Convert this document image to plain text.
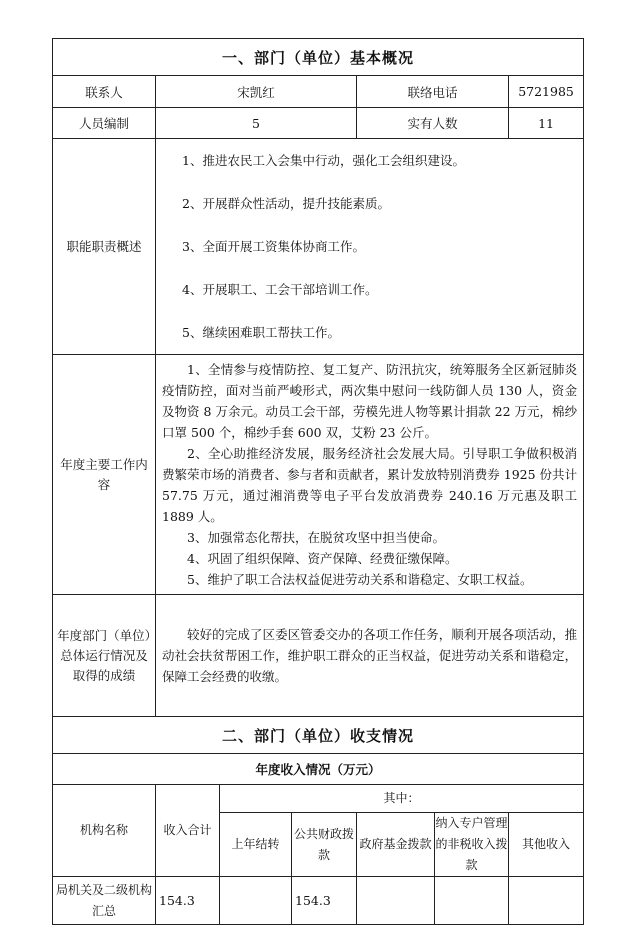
一、部门（单位）基本概况						
联系人	宋凯红			联络电话		5721985
人员编制	5			实有人数		11
职能职责概述	1、推进农民工入会集中行动，强化工会组织建设。

2、开展群众性活动，提升技能素质。

3、全面开展工资集体协商工作。

4、开展职工、工会干部培训工作。

5、继续困难职工帮扶工作。					

年度主要工作内容	1、全情参与疫情防控、复工复产、防汛抗灾，统筹服务全区新冠肺炎疫情防控，面对当前严峻形式，两次集中慰问一线防御人员 130 人，资金及物资 8 万余元。动员工会干部，劳模先进人物等累计捐款 22 万元，棉纱口罩 500 个，棉纱手套 600 双，艾粉 23 公斤。

2、全心助推经济发展，服务经济社会发展大局。引导职工争做积极消费繁荣市场的消费者、参与者和贡献者，累计发放特别消费券 1925 份共计 57.75 万元，通过湘消费等电子平台发放消费券 240.16 万元惠及职工 1889 人。

3、加强常态化帮扶，在脱贫攻坚中担当使命。

4、巩固了组织保障、资产保障、经费征缴保障。

5、维护了职工合法权益促进劳动关系和谐稳定、女职工权益。					

年度部门（单位）总体运行情况及取得的成绩	较好的完成了区委区管委交办的各项工作任务，顺利开展各项活动，推动社会扶贫帮困工作，维护职工群众的正当权益，促进劳动关系和谐稳定，保障工会经费的收缴。					

二、部门（单位）收支情况						
年度收入情况（万元）						
机构名称	收入合计	其中：				
		上年结转	公共财政拨款	政府基金拨款	纳入专户管理的非税收入拨款	其他收入
局机关及二级机构汇总	154.3		154.3			
